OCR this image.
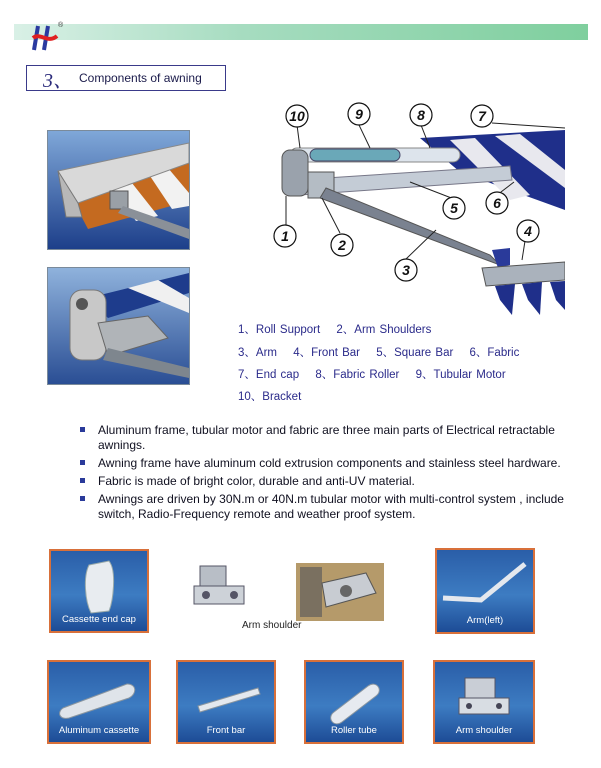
®
3、 Components of awning
10	9	8	7
1
2
3
4
5	6
1、Roll Support 2、Arm Shoulders
3、Arm 4、Front Bar 5、Square Bar 6、Fabric
7、End cap 8、Fabric Roller 9、Tubular Motor
10、Bracket
Aluminum frame, tubular motor and fabric are three main parts of Electrical retractable awnings.
Awning frame have aluminum cold extrusion components and stainless steel hardware.
Fabric is made of bright color, durable and anti-UV material.
Awnings are driven by 30N.m or 40N.m tubular motor with multi-control system , include switch, Radio-Frequency remote and weather proof system.
Cassette end cap
Arm shoulder	Arm(left)
Aluminum cassette	Front bar	Roller tube	Arm shoulder
